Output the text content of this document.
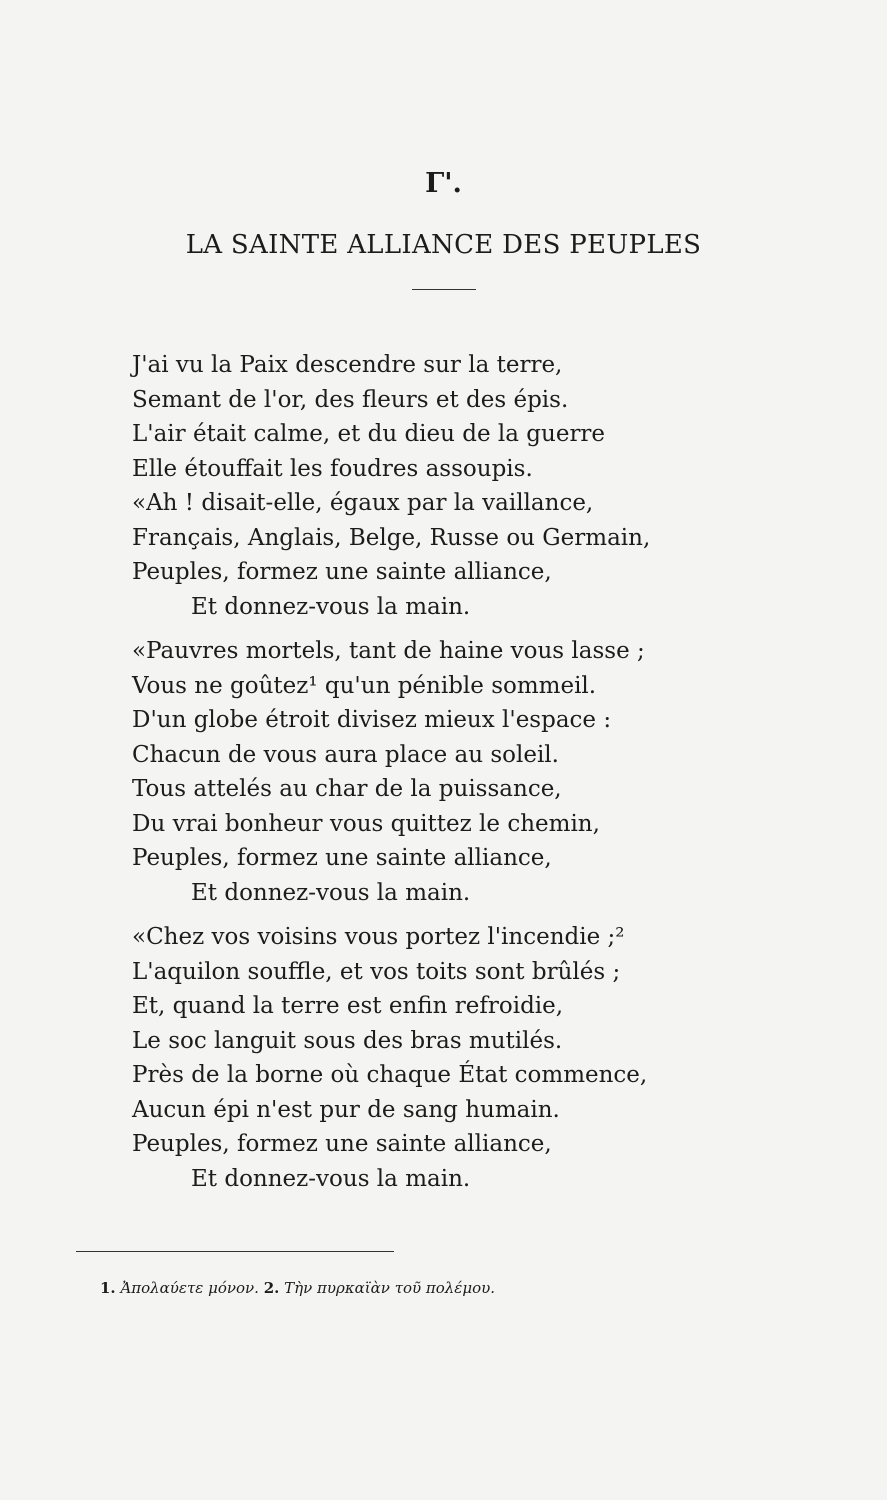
Γ'.
LA SAINTE ALLIANCE DES PEUPLES
J'ai vu la Paix descendre sur la terre,
Semant de l'or, des fleurs et des épis.
L'air était calme, et du dieu de la guerre
Elle étouffait les foudres assoupis.
«Ah ! disait-elle, égaux par la vaillance,
Français, Anglais, Belge, Russe ou Germain,
Peuples, formez une sainte alliance,
Et donnez-vous la main.
«Pauvres mortels, tant de haine vous lasse ;
Vous ne goûtez¹ qu'un pénible sommeil.
D'un globe étroit divisez mieux l'espace :
Chacun de vous aura place au soleil.
Tous attelés au char de la puissance,
Du vrai bonheur vous quittez le chemin,
Peuples, formez une sainte alliance,
Et donnez-vous la main.
«Chez vos voisins vous portez l'incendie ;²
L'aquilon souffle, et vos toits sont brûlés ;
Et, quand la terre est enfin refroidie,
Le soc languit sous des bras mutilés.
Près de la borne où chaque État commence,
Aucun épi n'est pur de sang humain.
Peuples, formez une sainte alliance,
Et donnez-vous la main.
1. Ἀπολαύετε μόνον. 2. Τὴν πυρκαϊὰν τοῦ πολέμου.
